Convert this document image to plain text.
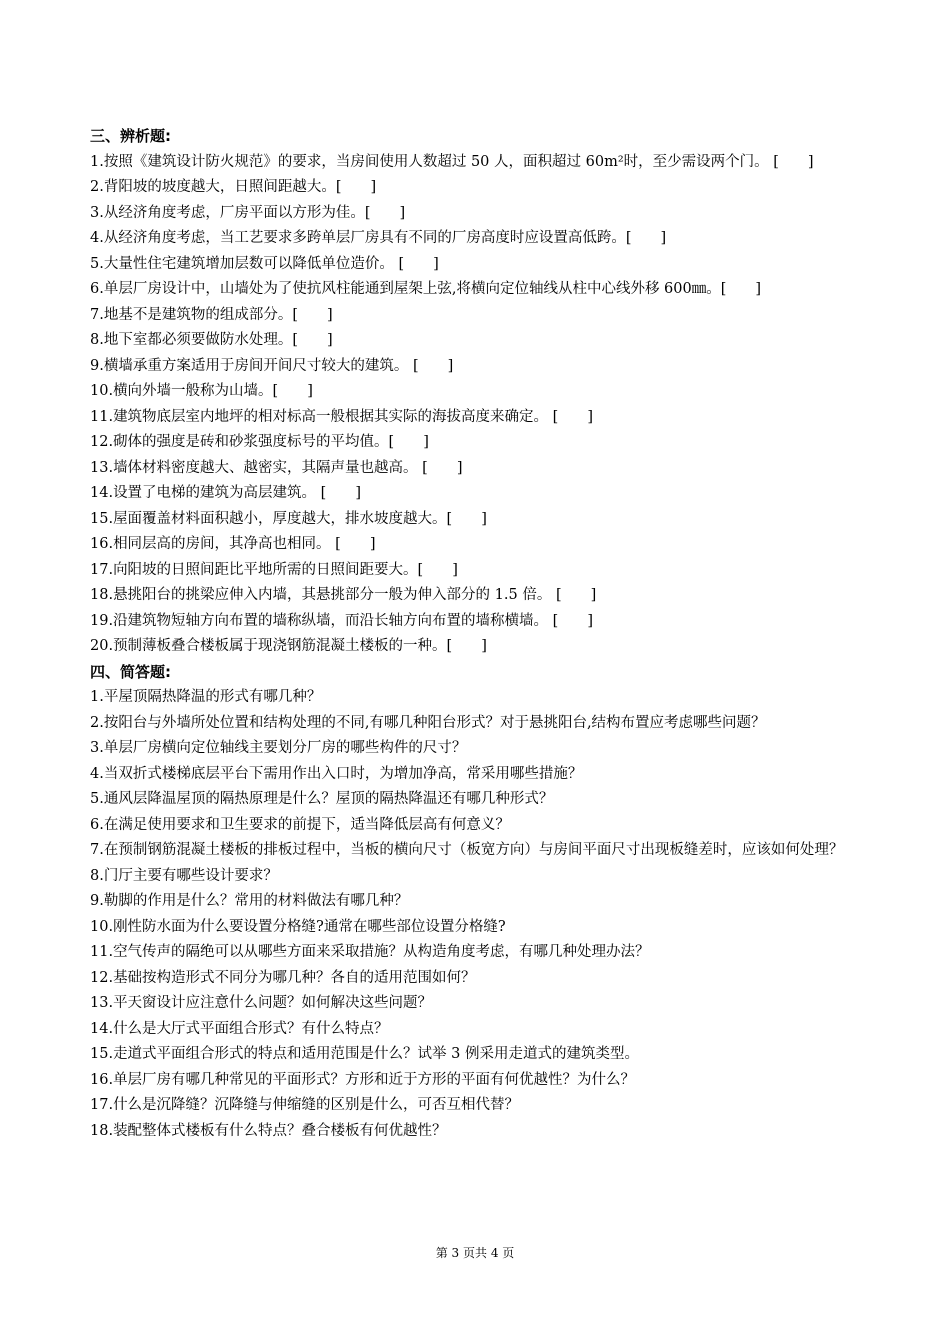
三、辨析题:
1.按照《建筑设计防火规范》的要求，当房间使用人数超过 50 人，面积超过 60m²时，至少需设两个门。 [　　]
2.背阳坡的坡度越大，日照间距越大。[　　]
3.从经济角度考虑，厂房平面以方形为佳。[　　]
4.从经济角度考虑，当工艺要求多跨单层厂房具有不同的厂房高度时应设置高低跨。[　　]
5.大量性住宅建筑增加层数可以降低单位造价。 [　　]
6.单层厂房设计中，山墙处为了使抗风柱能通到屋架上弦,将横向定位轴线从柱中心线外移 600㎜。[　　]
7.地基不是建筑物的组成部分。[　　]
8.地下室都必须要做防水处理。[　　]
9.横墙承重方案适用于房间开间尺寸较大的建筑。 [　　]
10.横向外墙一般称为山墙。[　　]
11.建筑物底层室内地坪的相对标高一般根据其实际的海拔高度来确定。 [　　]
12.砌体的强度是砖和砂浆强度标号的平均值。[　　]
13.墙体材料密度越大、越密实，其隔声量也越高。 [　　]
14.设置了电梯的建筑为高层建筑。 [　　]
15.屋面覆盖材料面积越小，厚度越大，排水坡度越大。[　　]
16.相同层高的房间，其净高也相同。 [　　]
17.向阳坡的日照间距比平地所需的日照间距要大。[　　]
18.悬挑阳台的挑梁应伸入内墙，其悬挑部分一般为伸入部分的 1.5 倍。 [　　]
19.沿建筑物短轴方向布置的墙称纵墙，而沿长轴方向布置的墙称横墙。 [　　]
20.预制薄板叠合楼板属于现浇钢筋混凝土楼板的一种。[　　]
四、简答题:
1.平屋顶隔热降温的形式有哪几种？
2.按阳台与外墙所处位置和结构处理的不同,有哪几种阳台形式？对于悬挑阳台,结构布置应考虑哪些问题？
3.单层厂房横向定位轴线主要划分厂房的哪些构件的尺寸？
4.当双折式楼梯底层平台下需用作出入口时，为增加净高，常采用哪些措施？
5.通风层降温屋顶的隔热原理是什么？屋顶的隔热降温还有哪几种形式？
6.在满足使用要求和卫生要求的前提下，适当降低层高有何意义？
7.在预制钢筋混凝土楼板的排板过程中，当板的横向尺寸（板宽方向）与房间平面尺寸出现板缝差时，应该如何处理？
8.门厅主要有哪些设计要求？
9.勒脚的作用是什么？常用的材料做法有哪几种？
10.刚性防水面为什么要设置分格缝?通常在哪些部位设置分格缝?
11.空气传声的隔绝可以从哪些方面来采取措施？从构造角度考虑，有哪几种处理办法？
12.基础按构造形式不同分为哪几种？各自的适用范围如何？
13.平天窗设计应注意什么问题？如何解决这些问题？
14.什么是大厅式平面组合形式？有什么特点？
15.走道式平面组合形式的特点和适用范围是什么？试举 3 例采用走道式的建筑类型。
16.单层厂房有哪几种常见的平面形式？方形和近于方形的平面有何优越性？为什么？
17.什么是沉降缝？沉降缝与伸缩缝的区别是什么，可否互相代替？
18.装配整体式楼板有什么特点？叠合楼板有何优越性？
第 3 页共 4 页
